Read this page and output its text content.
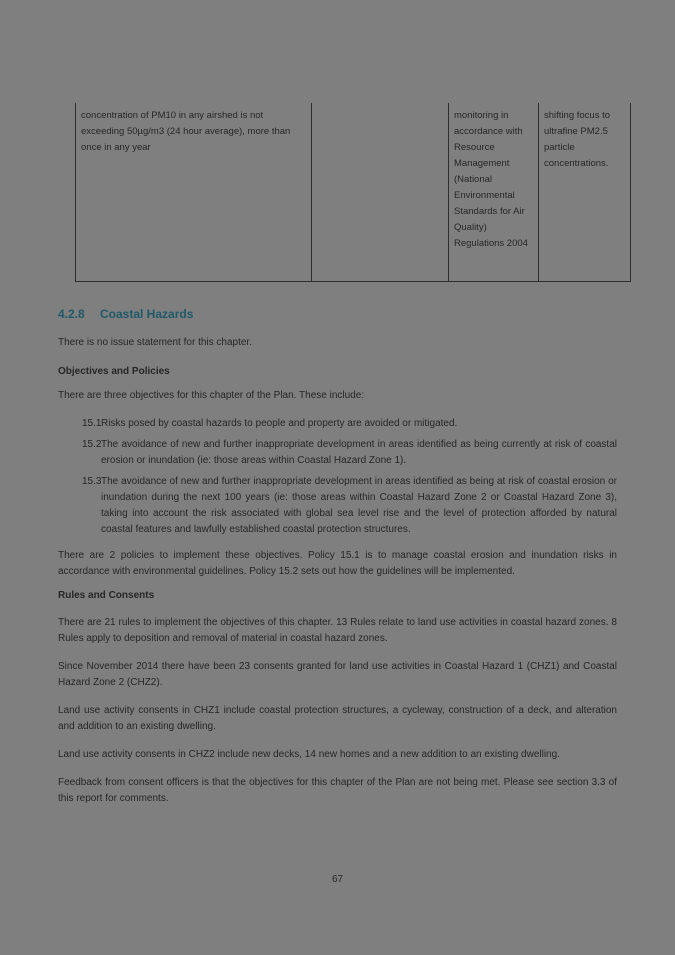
concentration of PM10 in any airshed is not exceeding 50µg/m3 (24 hour average), more than once in any year		monitoring in accordance with Resource Management (National Environmental Standards for Air Quality) Regulations 2004	shifting focus to ultrafine PM2.5 particle concentrations.
4.2.8 Coastal Hazards

There is no issue statement for this chapter.

Objectives and Policies

There are three objectives for this chapter of the Plan. These include:

15.1 Risks posed by coastal hazards to people and property are avoided or mitigated.
15.2 The avoidance of new and further inappropriate development in areas identified as being currently at risk of coastal erosion or inundation (ie: those areas within Coastal Hazard Zone 1).
15.3 The avoidance of new and further inappropriate development in areas identified as being at risk of coastal erosion or inundation during the next 100 years (ie: those areas within Coastal Hazard Zone 2 or Coastal Hazard Zone 3), taking into account the risk associated with global sea level rise and the level of protection afforded by natural coastal features and lawfully established coastal protection structures.

There are 2 policies to implement these objectives. Policy 15.1 is to manage coastal erosion and inundation risks in accordance with environmental guidelines. Policy 15.2 sets out how the guidelines will be implemented.

Rules and Consents

There are 21 rules to implement the objectives of this chapter. 13 Rules relate to land use activities in coastal hazard zones. 8 Rules apply to deposition and removal of material in coastal hazard zones.

Since November 2014 there have been 23 consents granted for land use activities in Coastal Hazard 1 (CHZ1) and Coastal Hazard Zone 2 (CHZ2).

Land use activity consents in CHZ1 include coastal protection structures, a cycleway, construction of a deck, and alteration and addition to an existing dwelling.

Land use activity consents in CHZ2 include new decks, 14 new homes and a new addition to an existing dwelling.

Feedback from consent officers is that the objectives for this chapter of the Plan are not being met. Please see section 3.3 of this report for comments.

67
